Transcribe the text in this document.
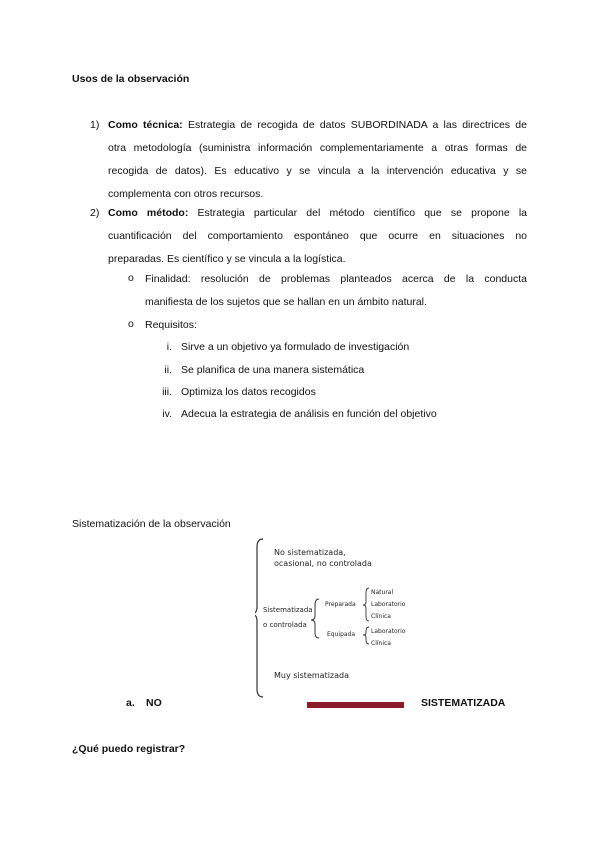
Usos de la observación
1) Como técnica: Estrategia de recogida de datos SUBORDINADA a las directrices de
otra metodología (suministra información complementariamente a otras formas de
recogida de datos). Es educativo y se vincula a la intervención educativa y se
complementa con otros recursos.
2) Como método: Estrategia particular del método científico que se propone la
cuantificación del comportamiento espontáneo que ocurre en situaciones no
preparadas. Es científico y se vincula a la logística.
o Finalidad: resolución de problemas planteados acerca de la conducta
manifiesta de los sujetos que se hallan en un ámbito natural.
o Requisitos:
i. Sirve a un objetivo ya formulado de investigación
ii. Se planifica de una manera sistemática
iii. Optimiza los datos recogidos
iv. Adecua la estrategia de análisis en función del objetivo
Sistematización de la observación
No sistematizada,
ocasional, no controlada
Sistematizada
o controlada
Preparada
Natural
Laboratorio
Clínica
Equipada	Laboratorio
Clínica
Muy sistematizada
a. NO	SISTEMATIZADA
¿Qué puedo registrar?
